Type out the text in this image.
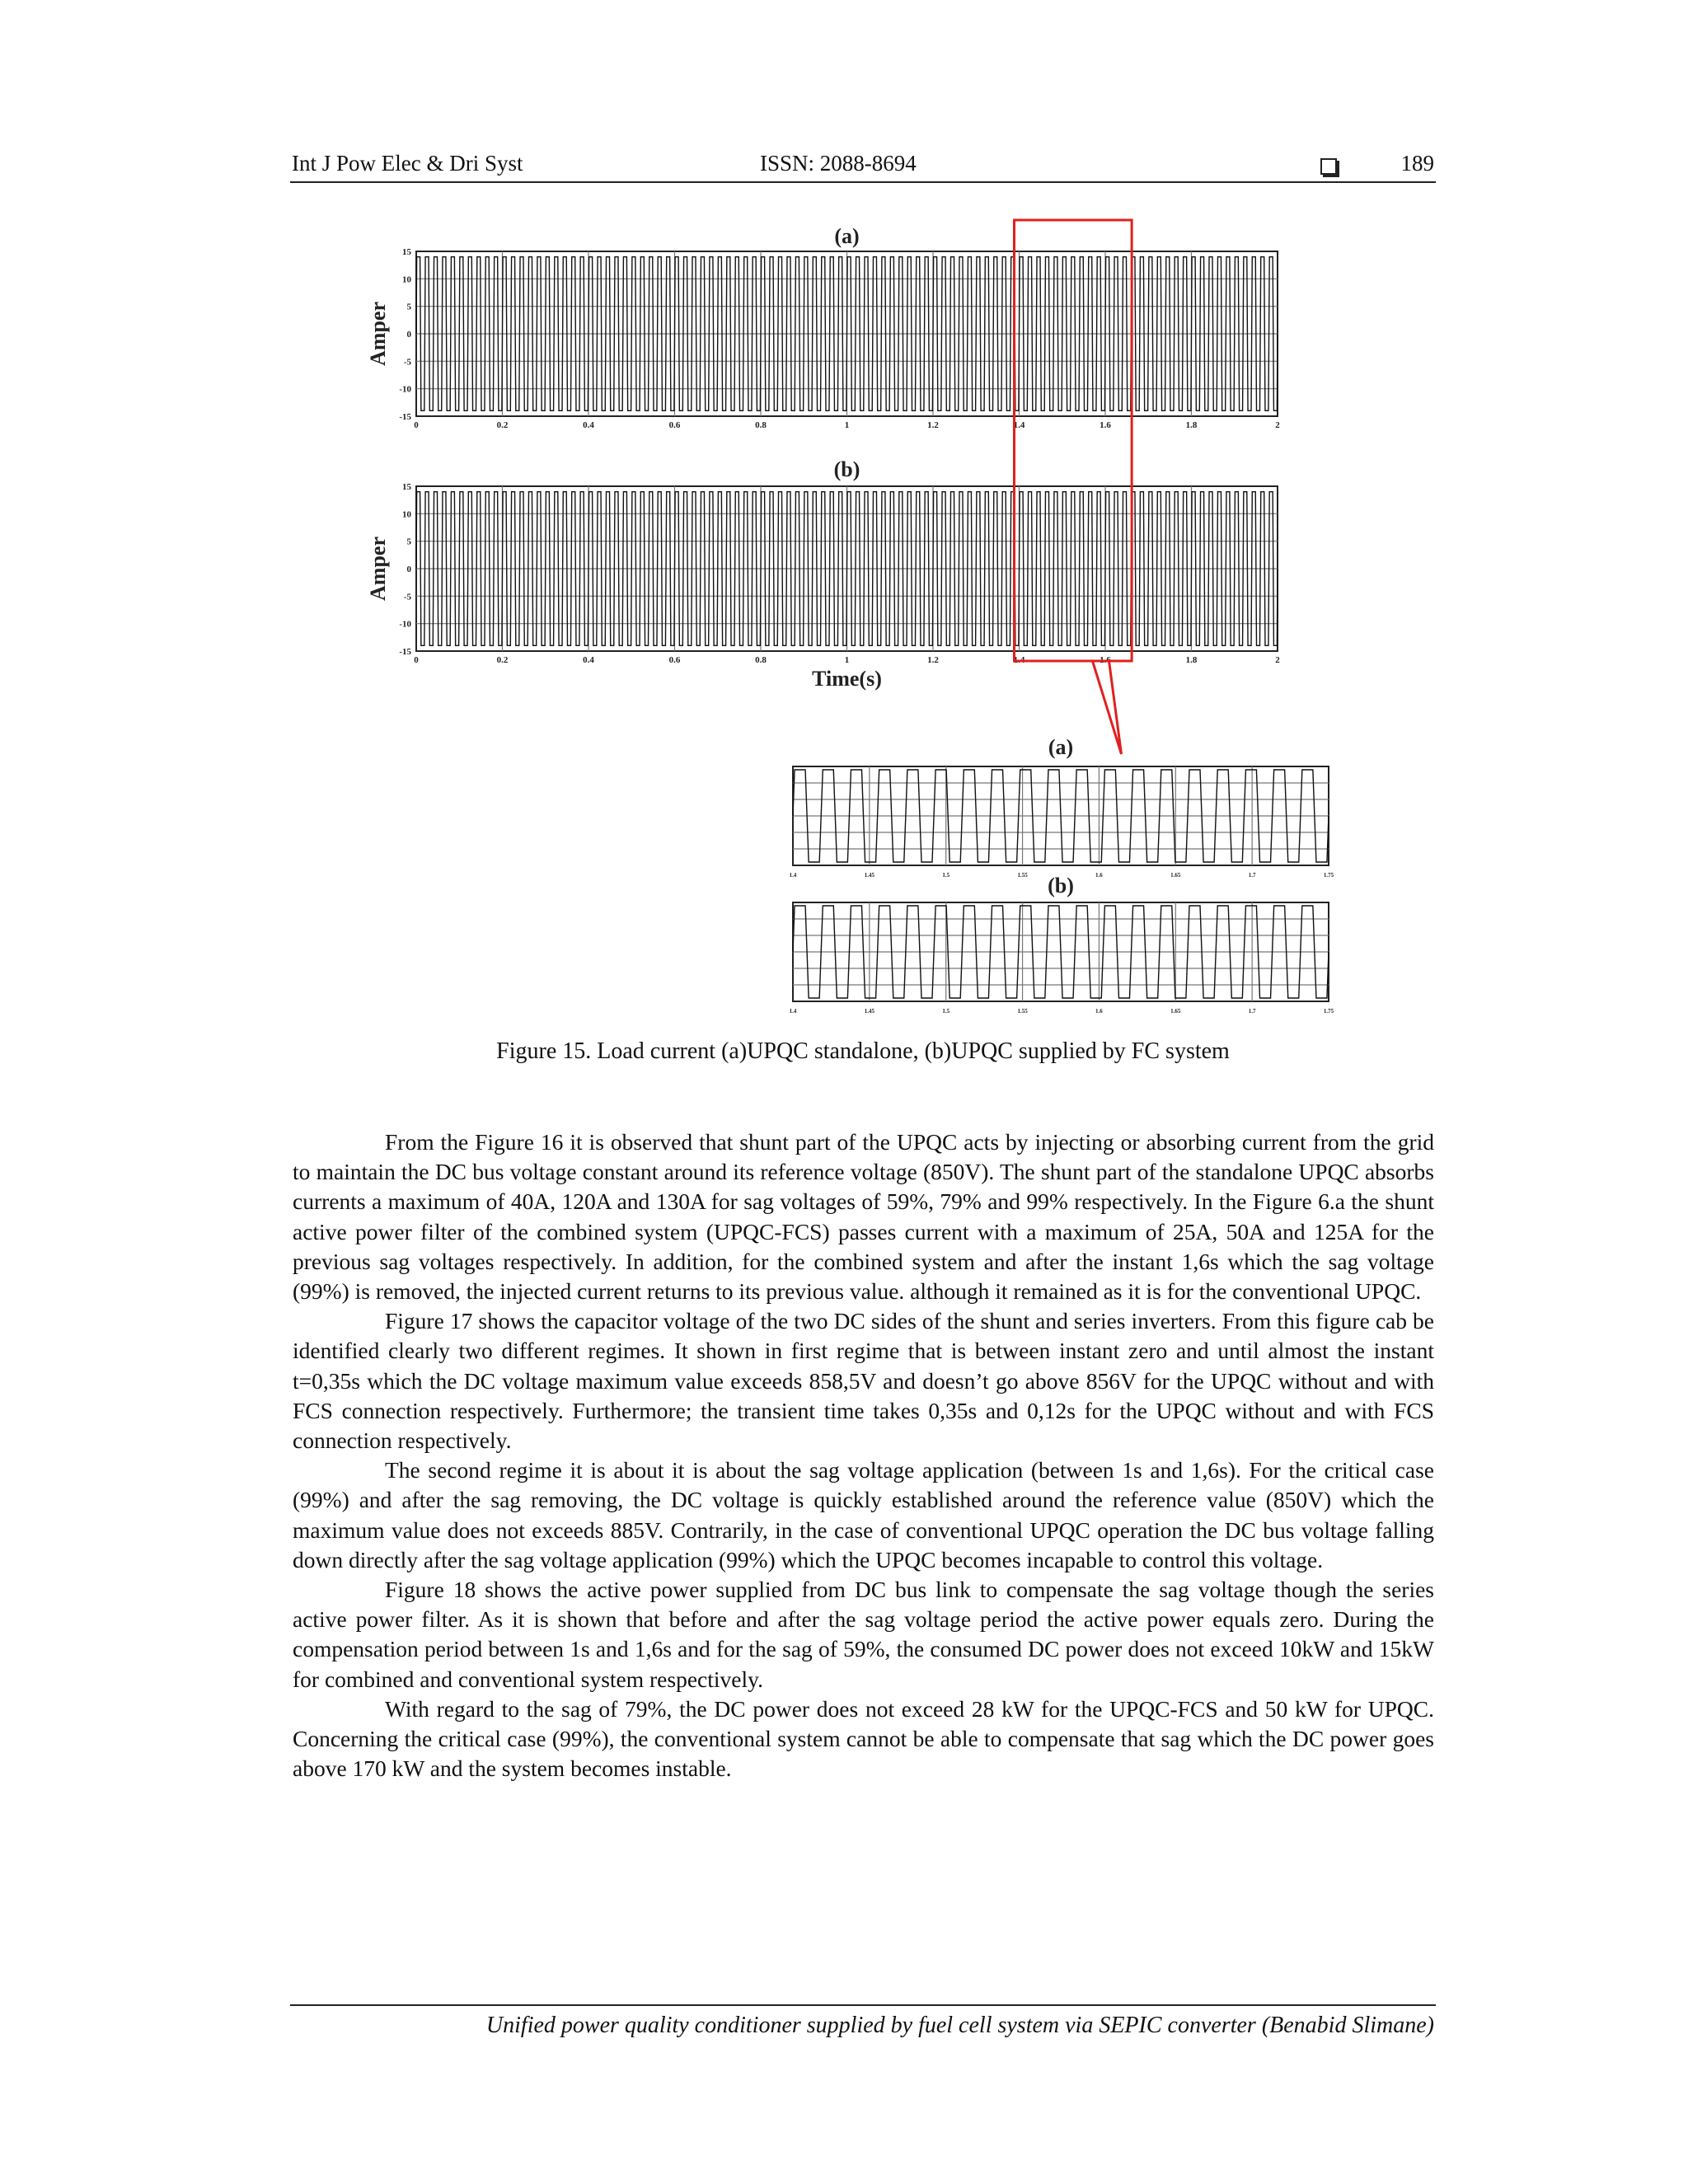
Int J Pow Elec & Dri Syst	ISSN: 2088-8694	189
15
10
5
0
-5
-10
-15
0	0.2	0.4	0.6	0.8	1	1.2	1.4	1.6	1.8	2
(a)
Amper
15
10
5
0
-5
-10
-15
0	0.2	0.4	0.6	0.8	1	1.2	1.4	1.6	1.8	2
(b)
Amper
Time(s)
1.4	1.45	1.5	1.55	1.6	1.65	1.7	1.75
(a)
1.4	1.45	1.5	1.55	1.6	1.65	1.7	1.75
(b)
Figure 15. Load current (a)UPQC standalone, (b)UPQC supplied by FC system

From the Figure 16 it is observed that shunt part of the UPQC acts by injecting or absorbing current from the grid to maintain the DC bus voltage constant around its reference voltage (850V). The shunt part of the standalone UPQC absorbs currents a maximum of 40A, 120A and 130A for sag voltages of 59%, 79% and 99% respectively. In the Figure 6.a the shunt active power filter of the combined system (UPQC-FCS) passes current with a maximum of 25A, 50A and 125A for the previous sag voltages respectively. In addition, for the combined system and after the instant 1,6s which the sag voltage (99%) is removed, the injected current returns to its previous value. although it remained as it is for the conventional UPQC.

Figure 17 shows the capacitor voltage of the two DC sides of the shunt and series inverters. From this figure cab be identified clearly two different regimes. It shown in first regime that is between instant zero and until almost the instant t=0,35s which the DC voltage maximum value exceeds 858,5V and doesn’t go above 856V for the UPQC without and with FCS connection respectively. Furthermore; the transient time takes 0,35s and 0,12s for the UPQC without and with FCS connection respectively.

The second regime it is about it is about the sag voltage application (between 1s and 1,6s). For the critical case (99%) and after the sag removing, the DC voltage is quickly established around the reference value (850V) which the maximum value does not exceeds 885V. Contrarily, in the case of conventional UPQC operation the DC bus voltage falling down directly after the sag voltage application (99%) which the UPQC becomes incapable to control this voltage.

Figure 18 shows the active power supplied from DC bus link to compensate the sag voltage though the series active power filter. As it is shown that before and after the sag voltage period the active power equals zero. During the compensation period between 1s and 1,6s and for the sag of 59%, the consumed DC power does not exceed 10kW and 15kW for combined and conventional system respectively.

With regard to the sag of 79%, the DC power does not exceed 28 kW for the UPQC-FCS and 50 kW for UPQC. Concerning the critical case (99%), the conventional system cannot be able to compensate that sag which the DC power goes above 170 kW and the system becomes instable.

Unified power quality conditioner supplied by fuel cell system via SEPIC converter (Benabid Slimane)
